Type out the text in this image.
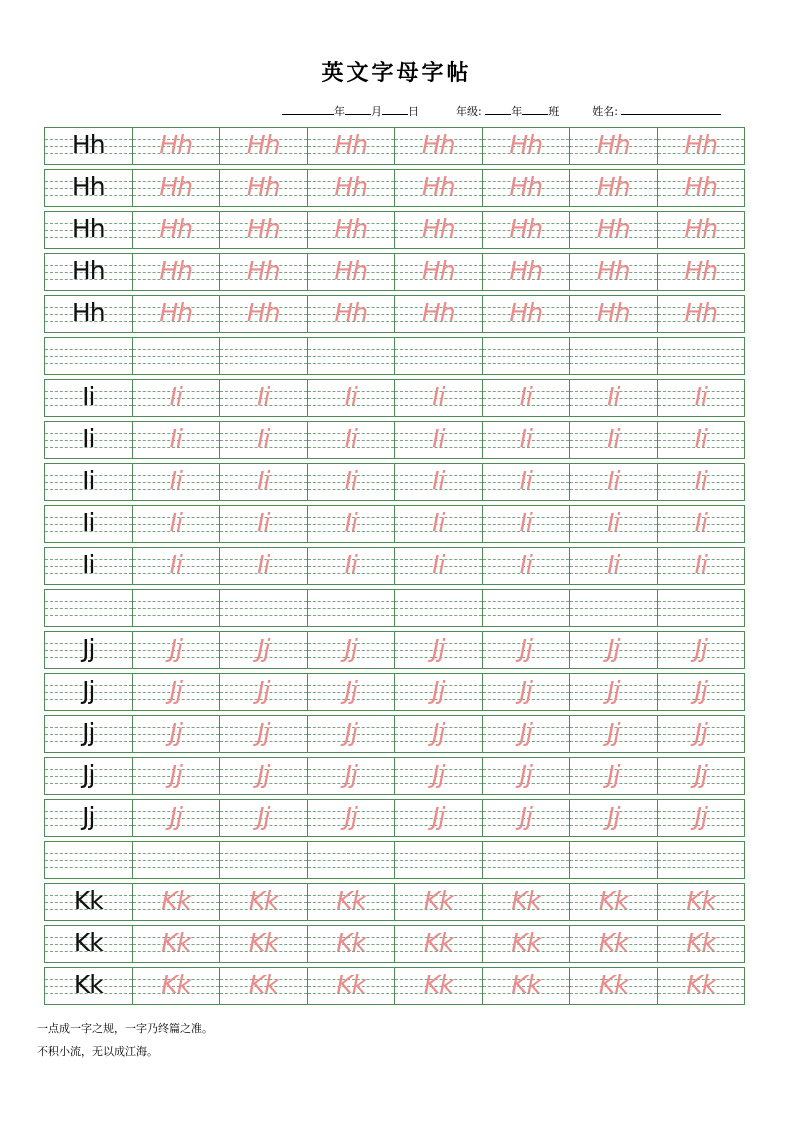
英文字母字帖
年 月 日	年级:	年 班	姓名:
Hh	Hh	Hh	Hh	Hh	Hh	Hh	Hh
Hh	Hh	Hh	Hh	Hh	Hh	Hh	Hh
Hh	Hh	Hh	Hh	Hh	Hh	Hh	Hh
Hh	Hh	Hh	Hh	Hh	Hh	Hh	Hh
Hh	Hh	Hh	Hh	Hh	Hh	Hh	Hh
Ii	Ii	Ii	Ii	Ii	Ii	Ii	Ii
Ii	Ii	Ii	Ii	Ii	Ii	Ii	Ii
Ii	Ii	Ii	Ii	Ii	Ii	Ii	Ii
Ii	Ii	Ii	Ii	Ii	Ii	Ii	Ii
Ii	Ii	Ii	Ii	Ii	Ii	Ii	Ii
Jj	Jj	Jj	Jj	Jj	Jj	Jj	Jj
Jj	Jj	Jj	Jj	Jj	Jj	Jj	Jj
Jj	Jj	Jj	Jj	Jj	Jj	Jj	Jj
Jj	Jj	Jj	Jj	Jj	Jj	Jj	Jj
Jj	Jj	Jj	Jj	Jj	Jj	Jj	Jj
Kk	Kk	Kk	Kk	Kk	Kk	Kk	Kk
Kk	Kk	Kk	Kk	Kk	Kk	Kk	Kk
Kk	Kk	Kk	Kk	Kk	Kk	Kk	Kk
一点成一字之规，一字乃终篇之准。
不积小流，无以成江海。
